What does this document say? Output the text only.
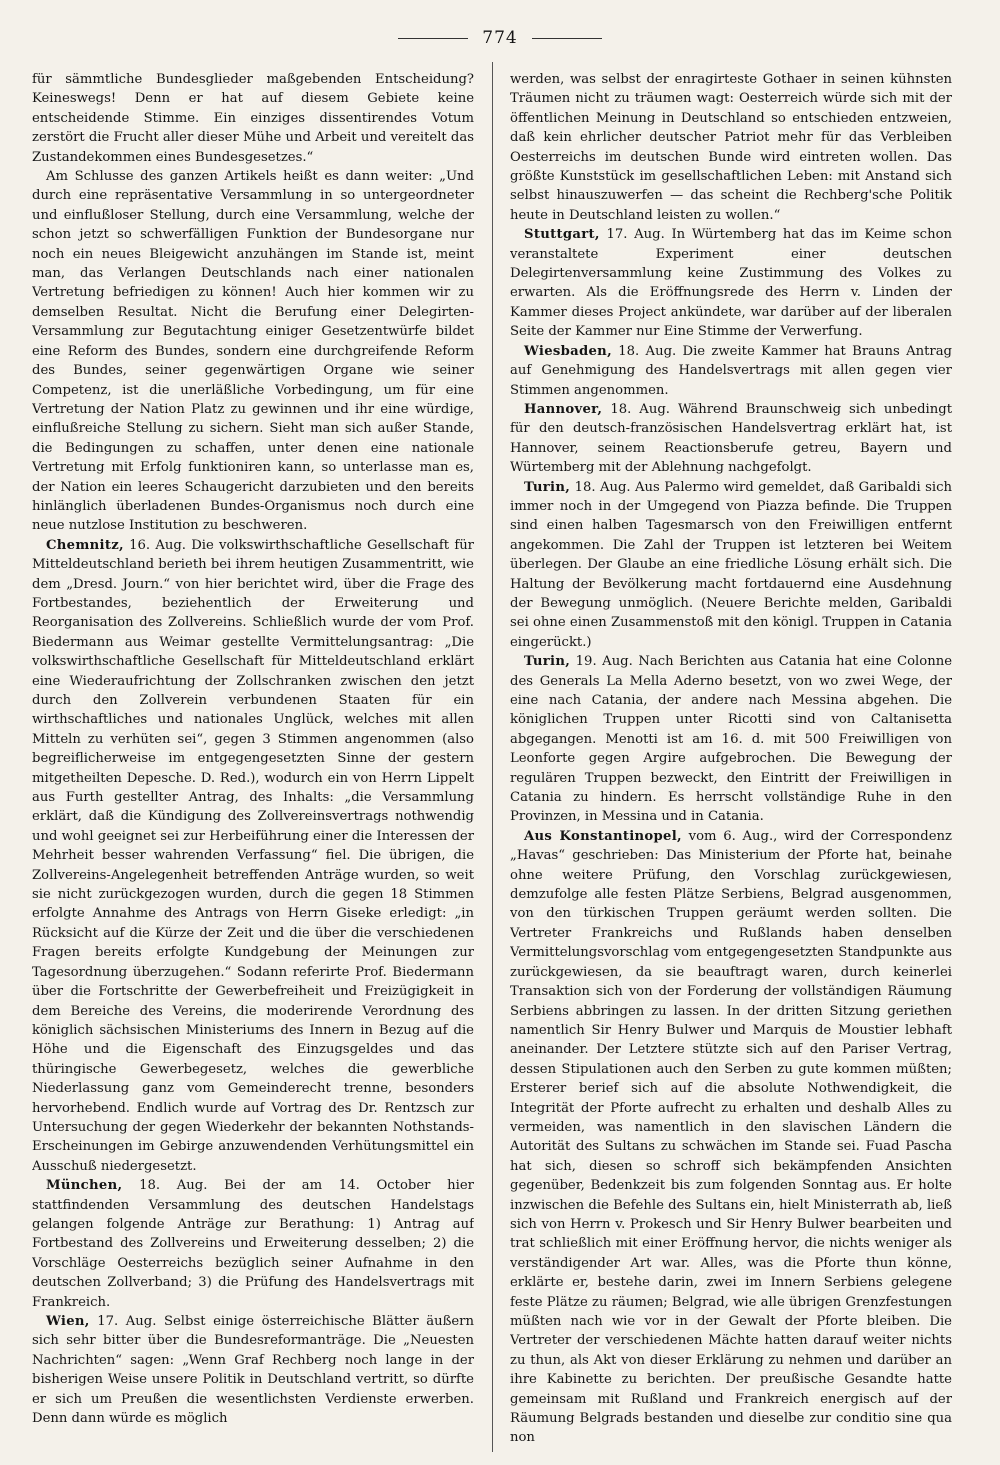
774

für sämmtliche Bundesglieder maßgebenden Entscheidung? Keineswegs! Denn er hat auf diesem Gebiete keine entscheidende Stimme. Ein einziges dissentirendes Votum zerstört die Frucht aller dieser Mühe und Arbeit und vereitelt das Zustandekommen eines Bundesgesetzes.“

Am Schlusse des ganzen Artikels heißt es dann weiter: „Und durch eine repräsentative Versammlung in so untergeordneter und einflußloser Stellung, durch eine Versammlung, welche der schon jetzt so schwerfälligen Funktion der Bundesorgane nur noch ein neues Bleigewicht anzuhängen im Stande ist, meint man, das Verlangen Deutschlands nach einer nationalen Vertretung befriedigen zu können! Auch hier kommen wir zu demselben Resultat. Nicht die Berufung einer Delegirten-Versammlung zur Begutachtung einiger Gesetzentwürfe bildet eine Reform des Bundes, sondern eine durchgreifende Reform des Bundes, seiner gegenwärtigen Organe wie seiner Competenz, ist die unerläßliche Vorbedingung, um für eine Vertretung der Nation Platz zu gewinnen und ihr eine würdige, einflußreiche Stellung zu sichern. Sieht man sich außer Stande, die Bedingungen zu schaffen, unter denen eine nationale Vertretung mit Erfolg funktioniren kann, so unterlasse man es, der Nation ein leeres Schaugericht darzubieten und den bereits hinlänglich überladenen Bundes-Organismus noch durch eine neue nutzlose Institution zu beschweren.

Chemnitz, 16. Aug. Die volkswirthschaftliche Gesellschaft für Mitteldeutschland berieth bei ihrem heutigen Zusammentritt, wie dem „Dresd. Journ.“ von hier berichtet wird, über die Frage des Fortbestandes, beziehentlich der Erweiterung und Reorganisation des Zollvereins. Schließlich wurde der vom Prof. Biedermann aus Weimar gestellte Vermittelungsantrag: „Die volkswirthschaftliche Gesellschaft für Mitteldeutschland erklärt eine Wiederaufrichtung der Zollschranken zwischen den jetzt durch den Zollverein verbundenen Staaten für ein wirthschaftliches und nationales Unglück, welches mit allen Mitteln zu verhüten sei“, gegen 3 Stimmen angenommen (also begreiflicherweise im entgegengesetzten Sinne der gestern mitgetheilten Depesche. D. Red.), wodurch ein von Herrn Lippelt aus Furth gestellter Antrag, des Inhalts: „die Versammlung erklärt, daß die Kündigung des Zollvereinsvertrags nothwendig und wohl geeignet sei zur Herbeiführung einer die Interessen der Mehrheit besser wahrenden Verfassung“ fiel. Die übrigen, die Zollvereins-Angelegenheit betreffenden Anträge wurden, so weit sie nicht zurückgezogen wurden, durch die gegen 18 Stimmen erfolgte Annahme des Antrags von Herrn Giseke erledigt: „in Rücksicht auf die Kürze der Zeit und die über die verschiedenen Fragen bereits erfolgte Kundgebung der Meinungen zur Tagesordnung überzugehen.“ Sodann referirte Prof. Biedermann über die Fortschritte der Gewerbefreiheit und Freizügigkeit in dem Bereiche des Vereins, die moderirende Verordnung des königlich sächsischen Ministeriums des Innern in Bezug auf die Höhe und die Eigenschaft des Einzugsgeldes und das thüringische Gewerbegesetz, welches die gewerbliche Niederlassung ganz vom Gemeinderecht trenne, besonders hervorhebend. Endlich wurde auf Vortrag des Dr. Rentzsch zur Untersuchung der gegen Wiederkehr der bekannten Nothstands-Erscheinungen im Gebirge anzuwendenden Verhütungsmittel ein Ausschuß niedergesetzt.

München, 18. Aug. Bei der am 14. October hier stattfindenden Versammlung des deutschen Handelstags gelangen folgende Anträge zur Berathung: 1) Antrag auf Fortbestand des Zollvereins und Erweiterung desselben; 2) die Vorschläge Oesterreichs bezüglich seiner Aufnahme in den deutschen Zollverband; 3) die Prüfung des Handelsvertrags mit Frankreich.

Wien, 17. Aug. Selbst einige österreichische Blätter äußern sich sehr bitter über die Bundesreformanträge. Die „Neuesten Nachrichten“ sagen: „Wenn Graf Rechberg noch lange in der bisherigen Weise unsere Politik in Deutschland vertritt, so dürfte er sich um Preußen die wesentlichsten Verdienste erwerben. Denn dann würde es möglich

werden, was selbst der enragirteste Gothaer in seinen kühnsten Träumen nicht zu träumen wagt: Oesterreich würde sich mit der öffentlichen Meinung in Deutschland so entschieden entzweien, daß kein ehrlicher deutscher Patriot mehr für das Verbleiben Oesterreichs im deutschen Bunde wird eintreten wollen. Das größte Kunststück im gesellschaftlichen Leben: mit Anstand sich selbst hinauszuwerfen — das scheint die Rechberg'sche Politik heute in Deutschland leisten zu wollen.“

Stuttgart, 17. Aug. In Würtemberg hat das im Keime schon veranstaltete Experiment einer deutschen Delegirtenversammlung keine Zustimmung des Volkes zu erwarten. Als die Eröffnungsrede des Herrn v. Linden der Kammer dieses Project ankündete, war darüber auf der liberalen Seite der Kammer nur Eine Stimme der Verwerfung.

Wiesbaden, 18. Aug. Die zweite Kammer hat Brauns Antrag auf Genehmigung des Handelsvertrags mit allen gegen vier Stimmen angenommen.

Hannover, 18. Aug. Während Braunschweig sich unbedingt für den deutsch-französischen Handelsvertrag erklärt hat, ist Hannover, seinem Reactionsberufe getreu, Bayern und Würtemberg mit der Ablehnung nachgefolgt.

Turin, 18. Aug. Aus Palermo wird gemeldet, daß Garibaldi sich immer noch in der Umgegend von Piazza befinde. Die Truppen sind einen halben Tagesmarsch von den Freiwilligen entfernt angekommen. Die Zahl der Truppen ist letzteren bei Weitem überlegen. Der Glaube an eine friedliche Lösung erhält sich. Die Haltung der Bevölkerung macht fortdauernd eine Ausdehnung der Bewegung unmöglich. (Neuere Berichte melden, Garibaldi sei ohne einen Zusammenstoß mit den königl. Truppen in Catania eingerückt.)

Turin, 19. Aug. Nach Berichten aus Catania hat eine Colonne des Generals La Mella Aderno besetzt, von wo zwei Wege, der eine nach Catania, der andere nach Messina abgehen. Die königlichen Truppen unter Ricotti sind von Caltanisetta abgegangen. Menotti ist am 16. d. mit 500 Freiwilligen von Leonforte gegen Argire aufgebrochen. Die Bewegung der regulären Truppen bezweckt, den Eintritt der Freiwilligen in Catania zu hindern. Es herrscht vollständige Ruhe in den Provinzen, in Messina und in Catania.

Aus Konstantinopel, vom 6. Aug., wird der Correspondenz „Havas“ geschrieben: Das Ministerium der Pforte hat, beinahe ohne weitere Prüfung, den Vorschlag zurückgewiesen, demzufolge alle festen Plätze Serbiens, Belgrad ausgenommen, von den türkischen Truppen geräumt werden sollten. Die Vertreter Frankreichs und Rußlands haben denselben Vermittelungsvorschlag vom entgegengesetzten Standpunkte aus zurückgewiesen, da sie beauftragt waren, durch keinerlei Transaktion sich von der Forderung der vollständigen Räumung Serbiens abbringen zu lassen. In der dritten Sitzung geriethen namentlich Sir Henry Bulwer und Marquis de Moustier lebhaft aneinander. Der Letztere stützte sich auf den Pariser Vertrag, dessen Stipulationen auch den Serben zu gute kommen müßten; Ersterer berief sich auf die absolute Nothwendigkeit, die Integrität der Pforte aufrecht zu erhalten und deshalb Alles zu vermeiden, was namentlich in den slavischen Ländern die Autorität des Sultans zu schwächen im Stande sei. Fuad Pascha hat sich, diesen so schroff sich bekämpfenden Ansichten gegenüber, Bedenkzeit bis zum folgenden Sonntag aus. Er holte inzwischen die Befehle des Sultans ein, hielt Ministerrath ab, ließ sich von Herrn v. Prokesch und Sir Henry Bulwer bearbeiten und trat schließlich mit einer Eröffnung hervor, die nichts weniger als verständigender Art war. Alles, was die Pforte thun könne, erklärte er, bestehe darin, zwei im Innern Serbiens gelegene feste Plätze zu räumen; Belgrad, wie alle übrigen Grenzfestungen müßten nach wie vor in der Gewalt der Pforte bleiben. Die Vertreter der verschiedenen Mächte hatten darauf weiter nichts zu thun, als Akt von dieser Erklärung zu nehmen und darüber an ihre Kabinette zu berichten. Der preußische Gesandte hatte gemeinsam mit Rußland und Frankreich energisch auf der Räumung Belgrads bestanden und dieselbe zur conditio sine qua non
